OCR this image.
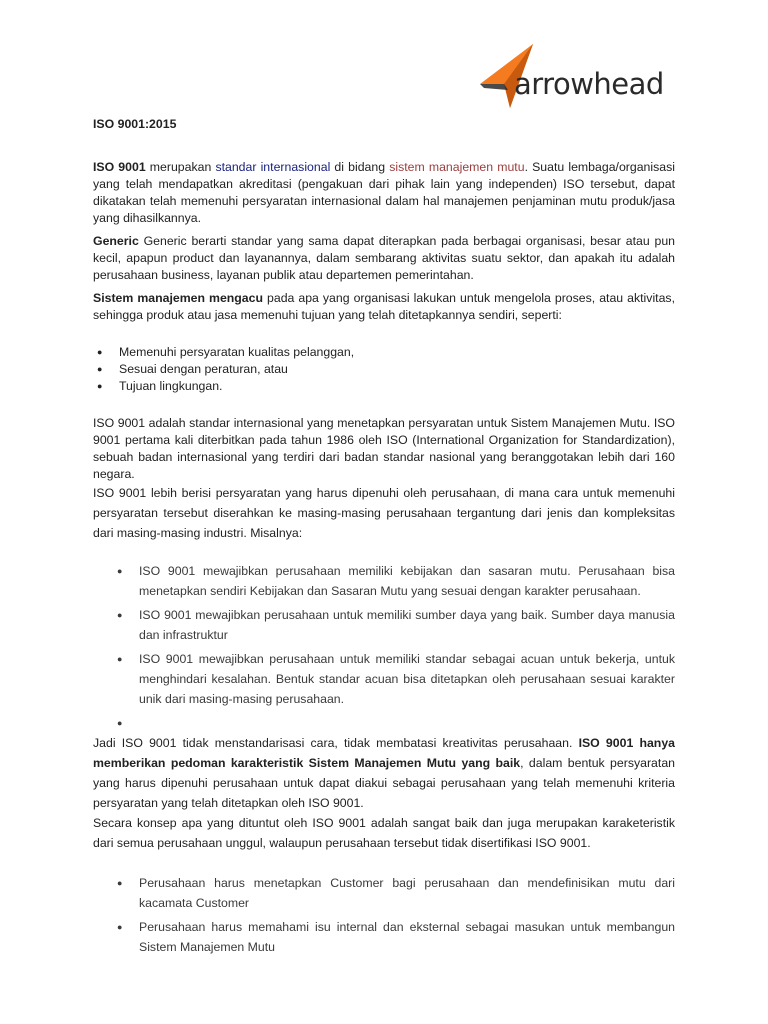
arrowhead
ISO 9001:2015

ISO 9001 merupakan standar internasional di bidang sistem manajemen mutu. Suatu lembaga/organisasi yang telah mendapatkan akreditasi (pengakuan dari pihak lain yang independen) ISO tersebut, dapat dikatakan telah memenuhi persyaratan internasional dalam hal manajemen penjaminan mutu produk/jasa yang dihasilkannya.

Generic Generic berarti standar yang sama dapat diterapkan pada berbagai organisasi, besar atau pun kecil, apapun product dan layanannya, dalam sembarang aktivitas suatu sektor, dan apakah itu adalah perusahaan business, layanan publik atau departemen pemerintahan.

Sistem manajemen mengacu pada apa yang organisasi lakukan untuk mengelola proses, atau aktivitas, sehingga produk atau jasa memenuhi tujuan yang telah ditetapkannya sendiri, seperti:

● Memenuhi persyaratan kualitas pelanggan,
● Sesuai dengan peraturan, atau
● Tujuan lingkungan.

ISO 9001 adalah standar internasional yang menetapkan persyaratan untuk Sistem Manajemen Mutu. ISO 9001 pertama kali diterbitkan pada tahun 1986 oleh ISO (International Organization for Standardization), sebuah badan internasional yang terdiri dari badan standar nasional yang beranggotakan lebih dari 160 negara.

ISO 9001 lebih berisi persyaratan yang harus dipenuhi oleh perusahaan, di mana cara untuk memenuhi persyaratan tersebut diserahkan ke masing-masing perusahaan tergantung dari jenis dan kompleksitas dari masing-masing industri. Misalnya:

● ISO 9001 mewajibkan perusahaan memiliki kebijakan dan sasaran mutu. Perusahaan bisa menetapkan sendiri Kebijakan dan Sasaran Mutu yang sesuai dengan karakter perusahaan.
● ISO 9001 mewajibkan perusahaan untuk memiliki sumber daya yang baik. Sumber daya manusia dan infrastruktur
● ISO 9001 mewajibkan perusahaan untuk memiliki standar sebagai acuan untuk bekerja, untuk menghindari kesalahan. Bentuk standar acuan bisa ditetapkan oleh perusahaan sesuai karakter unik dari masing-masing perusahaan.
●

Jadi ISO 9001 tidak menstandarisasi cara, tidak membatasi kreativitas perusahaan. ISO 9001 hanya memberikan pedoman karakteristik Sistem Manajemen Mutu yang baik, dalam bentuk persyaratan yang harus dipenuhi perusahaan untuk dapat diakui sebagai perusahaan yang telah memenuhi kriteria persyaratan yang telah ditetapkan oleh ISO 9001.

Secara konsep apa yang dituntut oleh ISO 9001 adalah sangat baik dan juga merupakan karaketeristik dari semua perusahaan unggul, walaupun perusahaan tersebut tidak disertifikasi ISO 9001.

● Perusahaan harus menetapkan Customer bagi perusahaan dan mendefinisikan mutu dari kacamata Customer
● Perusahaan harus memahami isu internal dan eksternal sebagai masukan untuk membangun Sistem Manajemen Mutu
